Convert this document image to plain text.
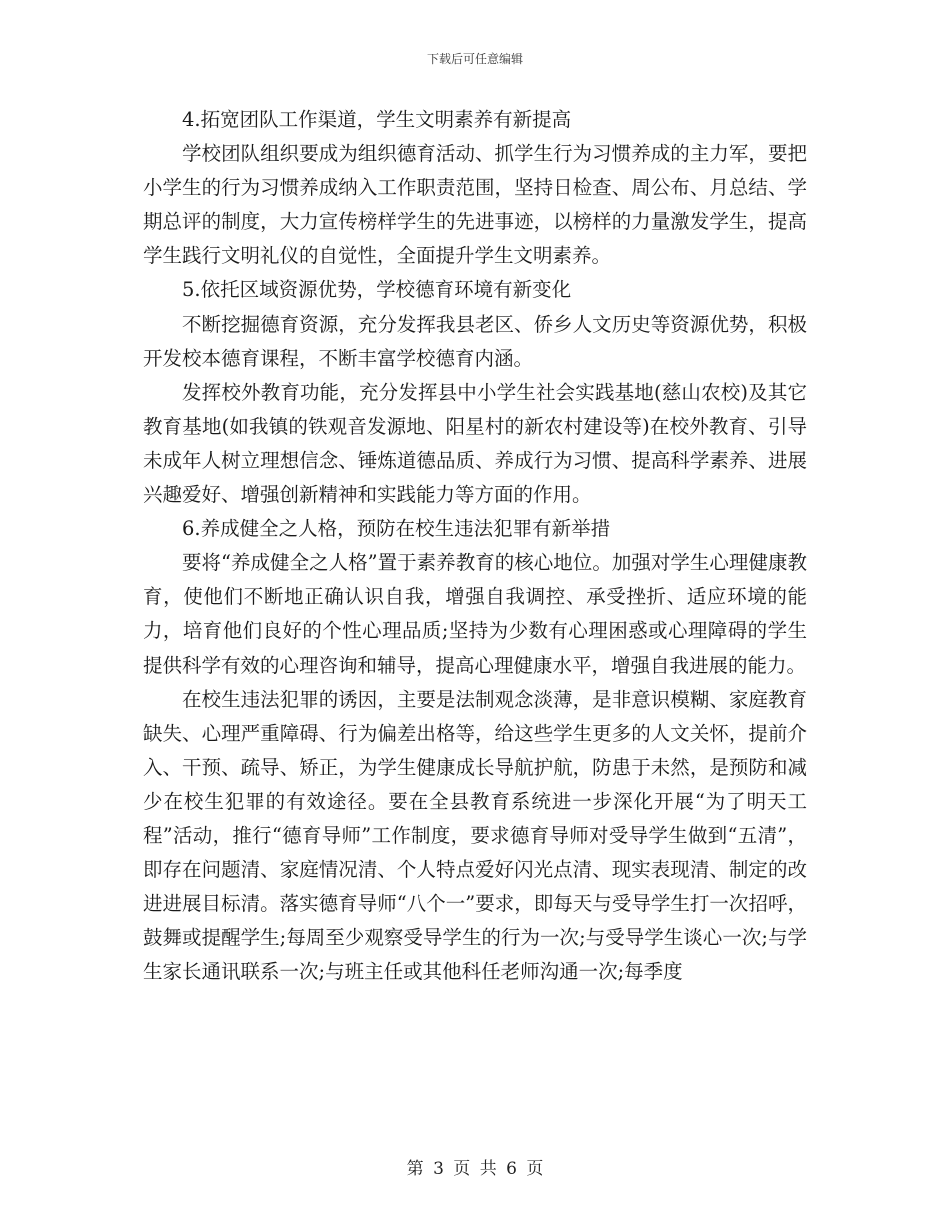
下载后可任意编辑

4.拓宽团队工作渠道，学生文明素养有新提高

学校团队组织要成为组织德育活动、抓学生行为习惯养成的主力军，要把小学生的行为习惯养成纳入工作职责范围，坚持日检查、周公布、月总结、学期总评的制度，大力宣传榜样学生的先进事迹，以榜样的力量激发学生，提高学生践行文明礼仪的自觉性，全面提升学生文明素养。

5.依托区域资源优势，学校德育环境有新变化

不断挖掘德育资源，充分发挥我县老区、侨乡人文历史等资源优势，积极开发校本德育课程，不断丰富学校德育内涵。

发挥校外教育功能，充分发挥县中小学生社会实践基地(慈山农校)及其它教育基地(如我镇的铁观音发源地、阳星村的新农村建设等)在校外教育、引导未成年人树立理想信念、锤炼道德品质、养成行为习惯、提高科学素养、进展兴趣爱好、增强创新精神和实践能力等方面的作用。

6.养成健全之人格，预防在校生违法犯罪有新举措

要将“养成健全之人格”置于素养教育的核心地位。加强对学生心理健康教育，使他们不断地正确认识自我，增强自我调控、承受挫折、适应环境的能力，培育他们良好的个性心理品质;坚持为少数有心理困惑或心理障碍的学生提供科学有效的心理咨询和辅导，提高心理健康水平，增强自我进展的能力。

在校生违法犯罪的诱因，主要是法制观念淡薄，是非意识模糊、家庭教育缺失、心理严重障碍、行为偏差出格等，给这些学生更多的人文关怀，提前介入、干预、疏导、矫正，为学生健康成长导航护航，防患于未然，是预防和减少在校生犯罪的有效途径。要在全县教育系统进一步深化开展“为了明天工程”活动，推行“德育导师”工作制度，要求德育导师对受导学生做到“五清”，即存在问题清、家庭情况清、个人特点爱好闪光点清、现实表现清、制定的改进进展目标清。落实德育导师“八个一”要求，即每天与受导学生打一次招呼，鼓舞或提醒学生;每周至少观察受导学生的行为一次;与受导学生谈心一次;与学生家长通讯联系一次;与班主任或其他科任老师沟通一次;每季度

第 3 页 共 6 页
